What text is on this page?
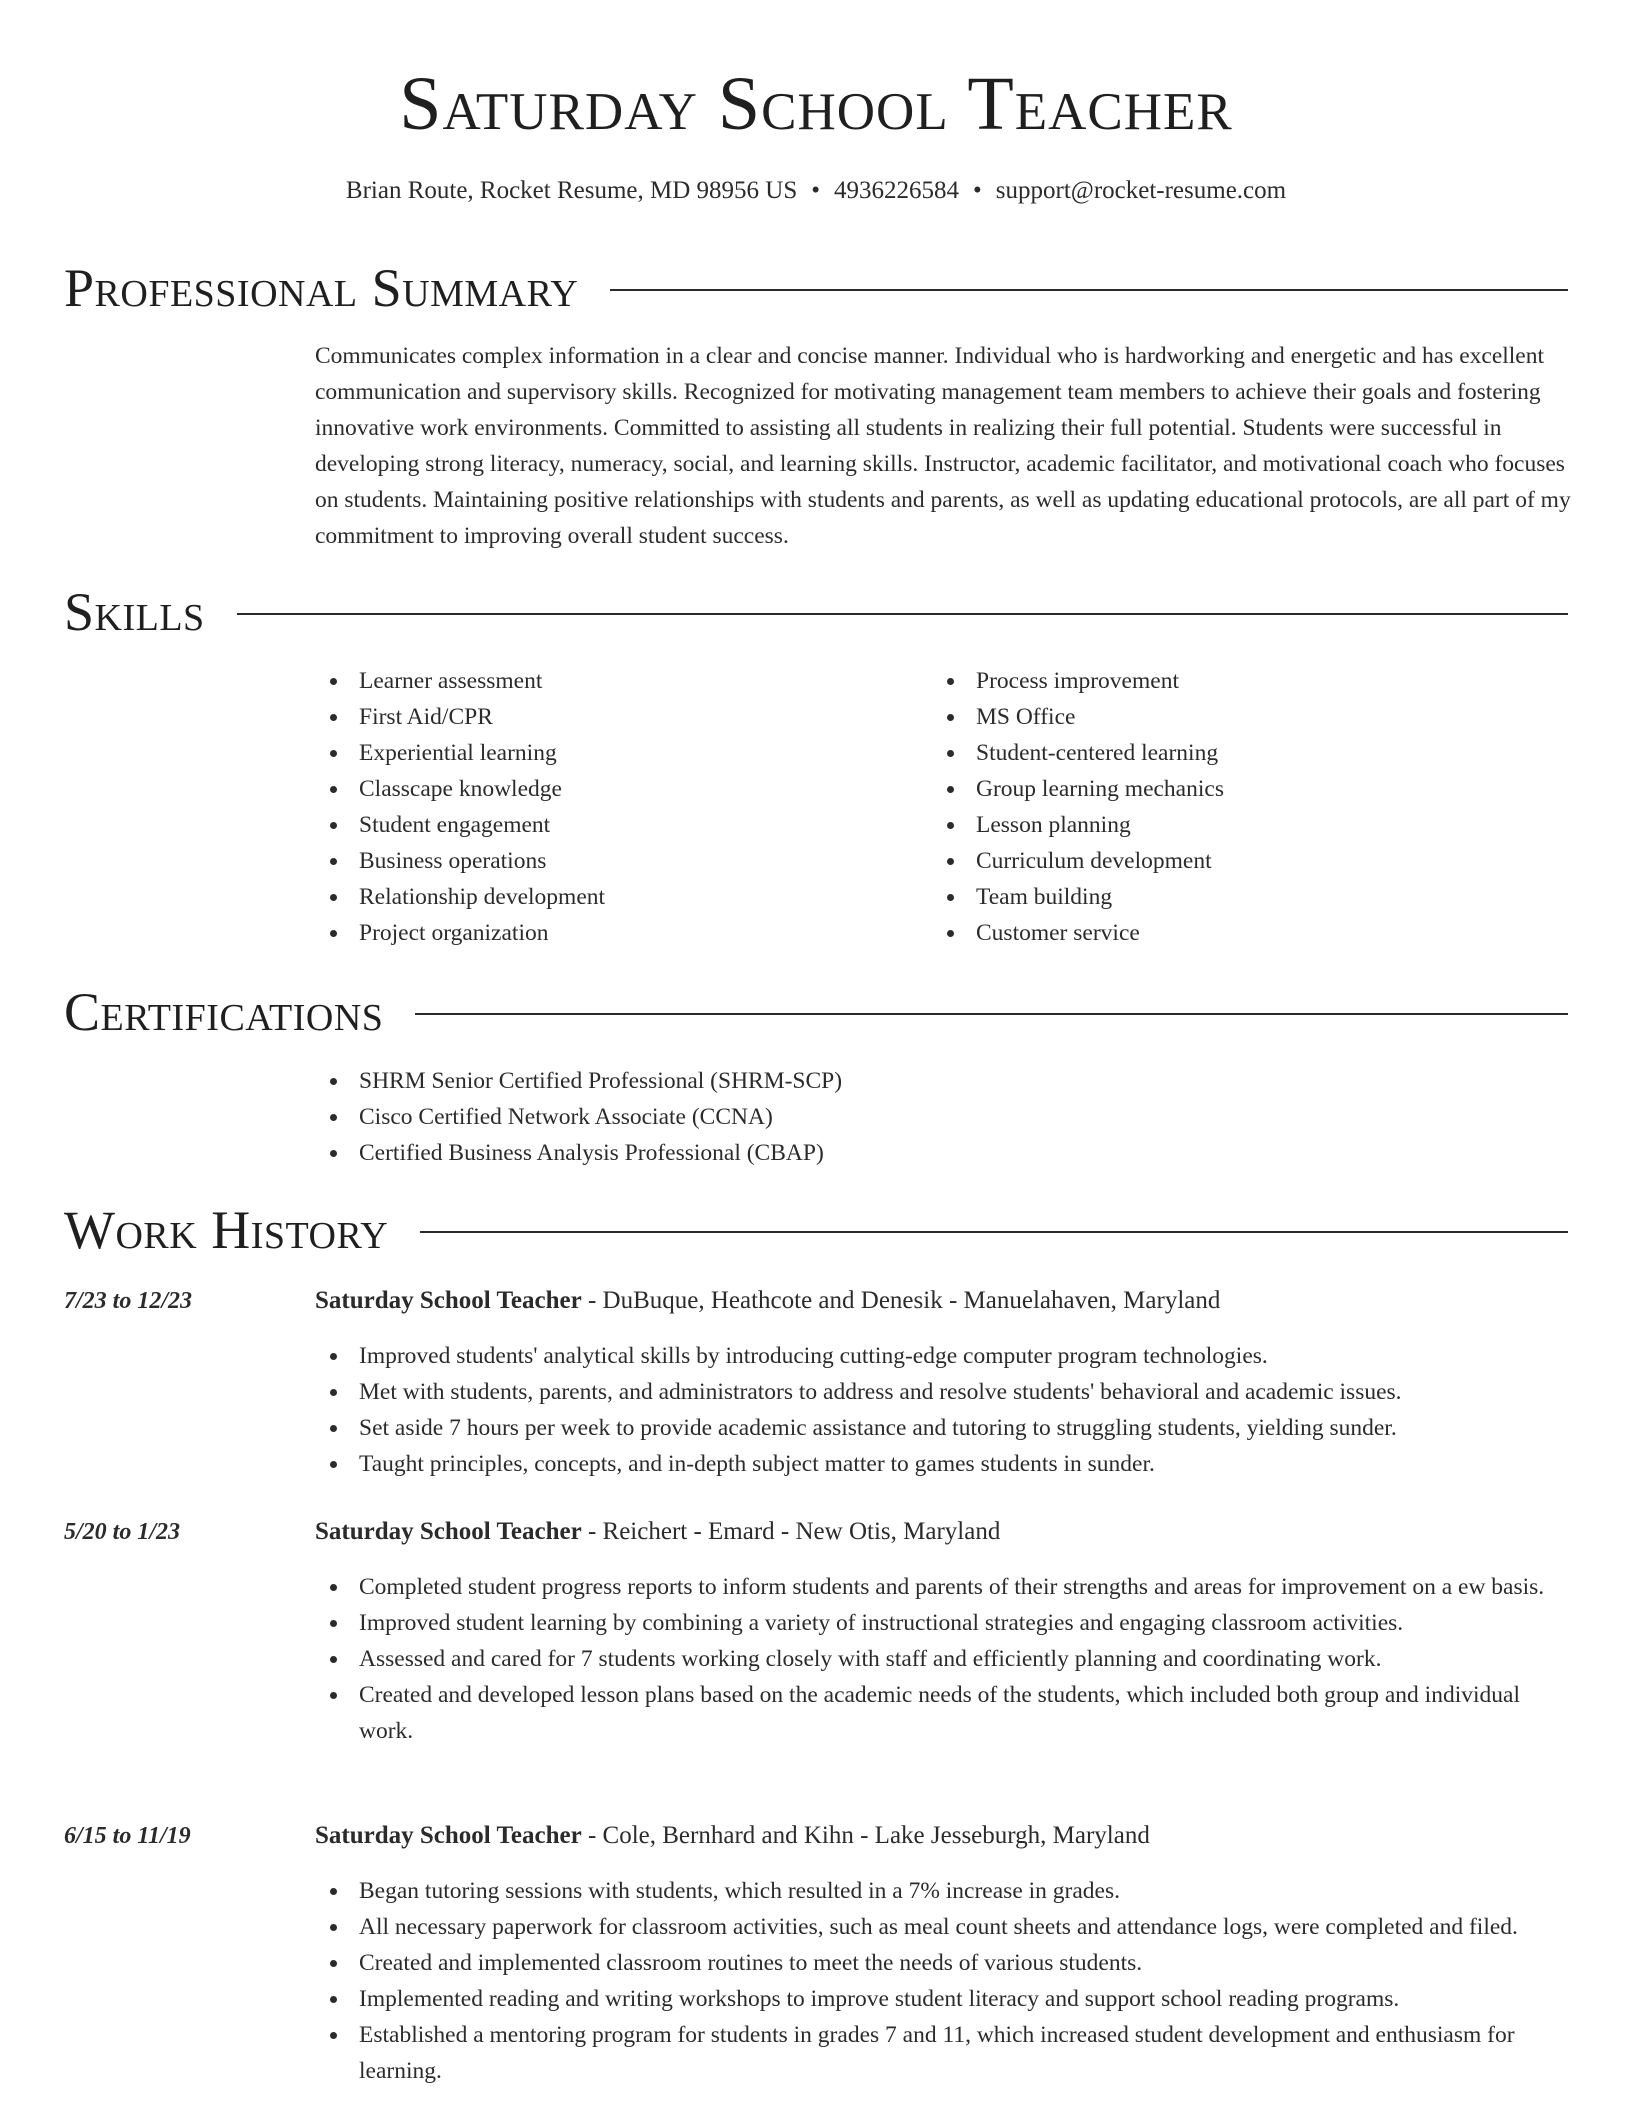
Saturday School Teacher
Brian Route, Rocket Resume, MD 98956 US • 4936226584 • support@rocket-resume.com
Professional Summary

Communicates complex information in a clear and concise manner. Individual who is hardworking and energetic and has excellent communication and supervisory skills. Recognized for motivating management team members to achieve their goals and fostering innovative work environments. Committed to assisting all students in realizing their full potential. Students were successful in developing strong literacy, numeracy, social, and learning skills. Instructor, academic facilitator, and motivational coach who focuses on students. Maintaining positive relationships with students and parents, as well as updating educational protocols, are all part of my commitment to improving overall student success.

Skills
Learner assessment
First Aid/CPR
Experiential learning
Classcape knowledge
Student engagement
Business operations
Relationship development
Project organization
Process improvement
MS Office
Student-centered learning
Group learning mechanics
Lesson planning
Curriculum development
Team building
Customer service
Certifications
SHRM Senior Certified Professional (SHRM-SCP)
Cisco Certified Network Associate (CCNA)
Certified Business Analysis Professional (CBAP)
Work History
7/23 to 12/23	Saturday School Teacher - DuBuque, Heathcote and Denesik - Manuelahaven, Maryland
Improved students' analytical skills by introducing cutting-edge computer program technologies.
Met with students, parents, and administrators to address and resolve students' behavioral and academic issues.
Set aside 7 hours per week to provide academic assistance and tutoring to struggling students, yielding sunder.
Taught principles, concepts, and in-depth subject matter to games students in sunder.
5/20 to 1/23	Saturday School Teacher - Reichert - Emard - New Otis, Maryland
Completed student progress reports to inform students and parents of their strengths and areas for improvement on a ew basis.
Improved student learning by combining a variety of instructional strategies and engaging classroom activities.
Assessed and cared for 7 students working closely with staff and efficiently planning and coordinating work.
Created and developed lesson plans based on the academic needs of the students, which included both group and individual work.
6/15 to 11/19	Saturday School Teacher - Cole, Bernhard and Kihn - Lake Jesseburgh, Maryland
Began tutoring sessions with students, which resulted in a 7% increase in grades.
All necessary paperwork for classroom activities, such as meal count sheets and attendance logs, were completed and filed.
Created and implemented classroom routines to meet the needs of various students.
Implemented reading and writing workshops to improve student literacy and support school reading programs.
Established a mentoring program for students in grades 7 and 11, which increased student development and enthusiasm for learning.
